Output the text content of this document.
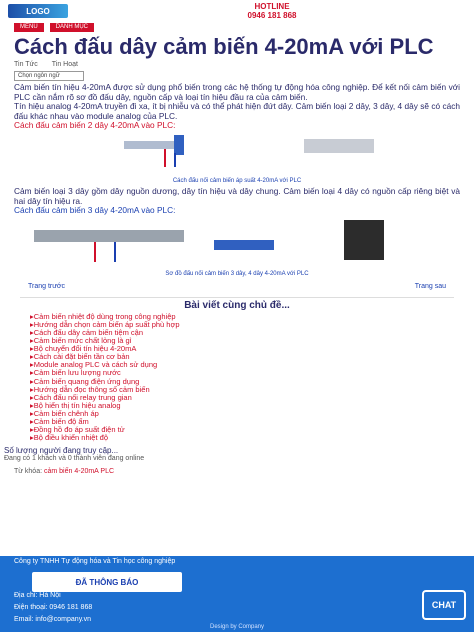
LOGO	HOTLINE
0946 181 868
MENU	DANH MỤC
Cách đấu dây cảm biến 4-20mA với PLC
Tin Tức Tin Hoạt
Chọn ngôn ngữ

Cảm biến tín hiệu 4-20mA được sử dụng phổ biến trong các hệ thống tự động hóa công nghiệp. Để kết nối cảm biến với PLC cần nắm rõ sơ đồ đấu dây, nguồn cấp và loại tín hiệu đầu ra của cảm biến.

Tín hiệu analog 4-20mA truyền đi xa, ít bị nhiễu và có thể phát hiện đứt dây. Cảm biến loại 2 dây, 3 dây, 4 dây sẽ có cách đấu khác nhau vào module analog của PLC.

Cách đấu cảm biến 2 dây 4-20mA vào PLC:

Cách đấu nối cảm biến áp suất 4-20mA với PLC

Cảm biến loại 3 dây gồm dây nguồn dương, dây tín hiệu và dây chung. Cảm biến loại 4 dây có nguồn cấp riêng biệt và hai dây tín hiệu ra.

Cách đấu cảm biến 3 dây 4-20mA vào PLC:

Sơ đồ đấu nối cảm biến 3 dây, 4 dây 4-20mA với PLC
Trang trước	Trang sau
Bài viết cùng chủ đề...
▸ Cảm biến nhiệt độ dùng trong công nghiệp
▸ Hướng dẫn chọn cảm biến áp suất phù hợp
▸ Cách đấu dây cảm biến tiệm cận
▸ Cảm biến mức chất lỏng là gì
▸ Bộ chuyển đổi tín hiệu 4-20mA
▸ Cách cài đặt biến tần cơ bản
▸ Module analog PLC và cách sử dụng
▸ Cảm biến lưu lượng nước
▸ Cảm biến quang điện ứng dụng
▸ Hướng dẫn đọc thông số cảm biến
▸ Cách đấu nối relay trung gian
▸ Bộ hiển thị tín hiệu analog
▸ Cảm biến chênh áp
▸ Cảm biến độ ẩm
▸ Đồng hồ đo áp suất điện tử
▸ Bộ điều khiển nhiệt độ
Số lượng người đang truy cập...
Đang có 1 khách và 0 thành viên đang online
Từ khóa: cảm biến 4-20mA PLC
Công ty TNHH Tự động hóa và Tin học công nghiệp
ĐÃ THÔNG BÁO
Địa chỉ: Hà Nội
Điện thoại: 0946 181 868
Email: info@company.vn
CHAT
Design by Company
